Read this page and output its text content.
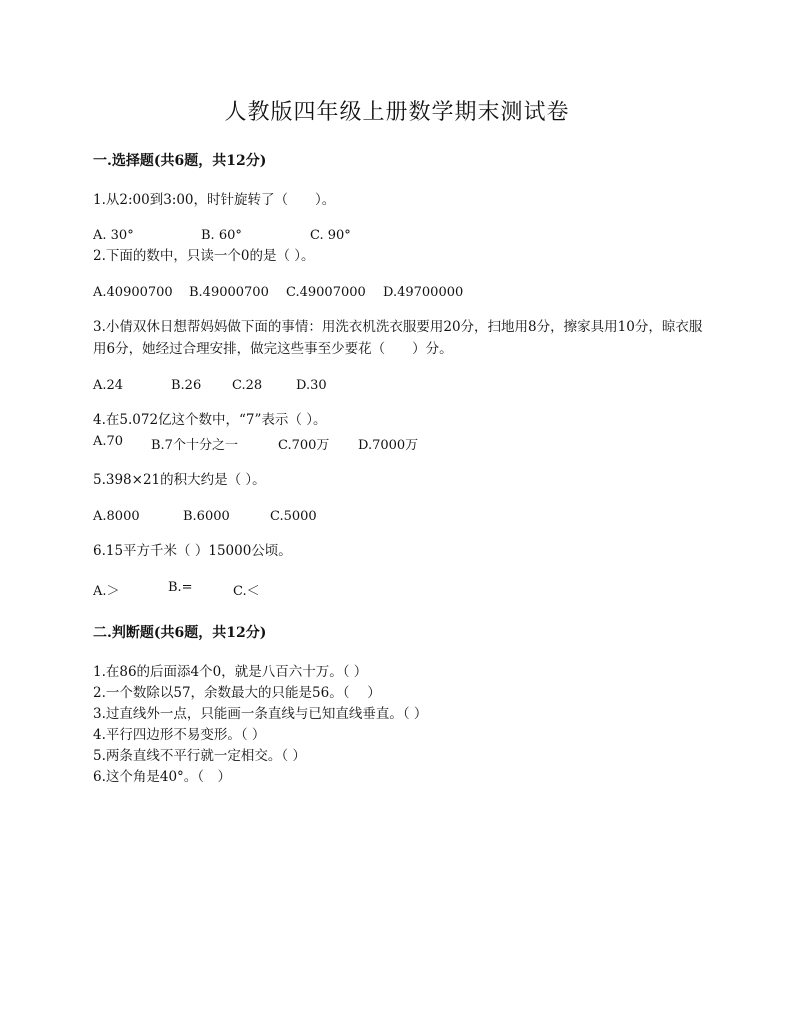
人教版四年级上册数学期末测试卷
一.选择题(共6题，共12分)
1.从2:00到3:00，时针旋转了（　　）。
A. 30°	B. 60°	C. 90°
2.下面的数中，只读一个0的是（ ）。
A.40900700 B.49000700 C.49007000 D.49700000
3.小倩双休日想帮妈妈做下面的事情：用洗衣机洗衣服要用20分，扫地用8分，擦家具用10分，晾衣服用6分，她经过合理安排，做完这些事至少要花（　　）分。
A.24	B.26 C.28	D.30
4.在5.072亿这个数中，“7”表示（ ）。
A.70 B.7个十分之一	C.700万 D.7000万
5.398×21的积大约是（ ）。
A.8000	B.6000	C.5000
6.15平方千米（ ）15000公顷。
A.＞	B.=	C.＜
二.判断题(共6题，共12分)
1.在86的后面添4个0，就是八百六十万。（ ）
2.一个数除以57，余数最大的只能是56。（　 ）
3.过直线外一点，只能画一条直线与已知直线垂直。（ ）
4.平行四边形不易变形。（ ）
5.两条直线不平行就一定相交。（ ）
6.这个角是40°。（　）
